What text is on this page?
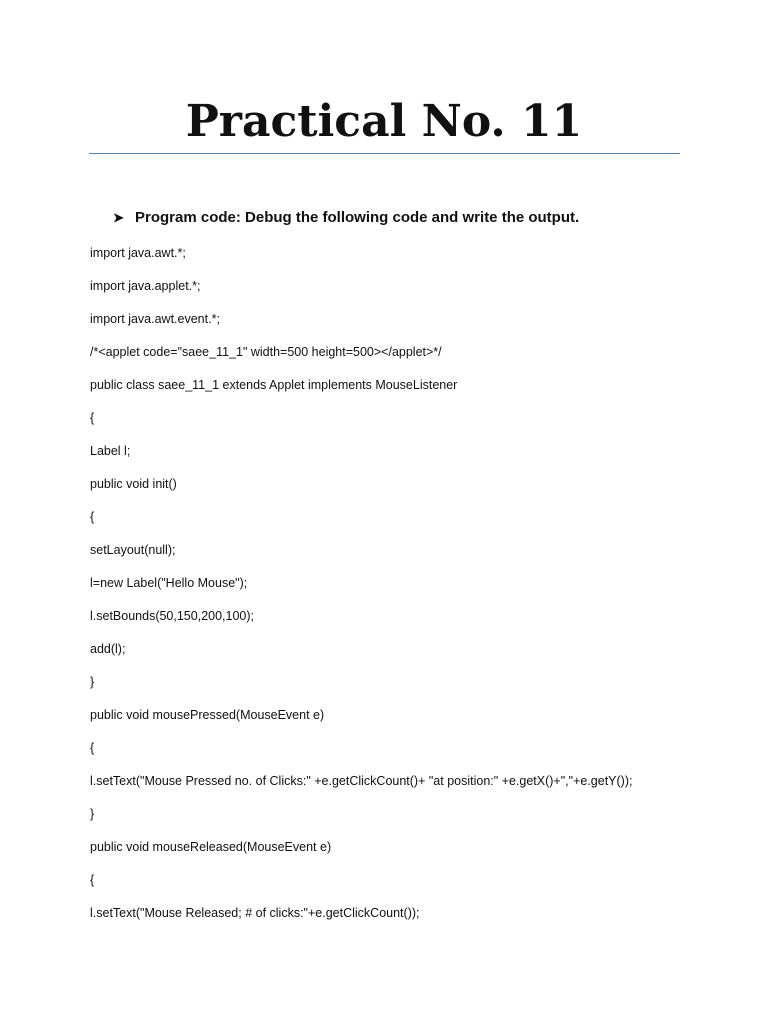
Practical No. 11
➤ Program code: Debug the following code and write the output.
import java.awt.*;
import java.applet.*;
import java.awt.event.*;
/*<applet code="saee_11_1" width=500 height=500></applet>*/
public class saee_11_1 extends Applet implements MouseListener
{
Label l;
public void init()
{
setLayout(null);
l=new Label("Hello Mouse");
l.setBounds(50,150,200,100);
add(l);
}
public void mousePressed(MouseEvent e)
{
l.setText("Mouse Pressed no. of Clicks:" +e.getClickCount()+ "at position:" +e.getX()+","+e.getY());
}
public void mouseReleased(MouseEvent e)
{
l.setText("Mouse Released; # of clicks:"+e.getClickCount());
